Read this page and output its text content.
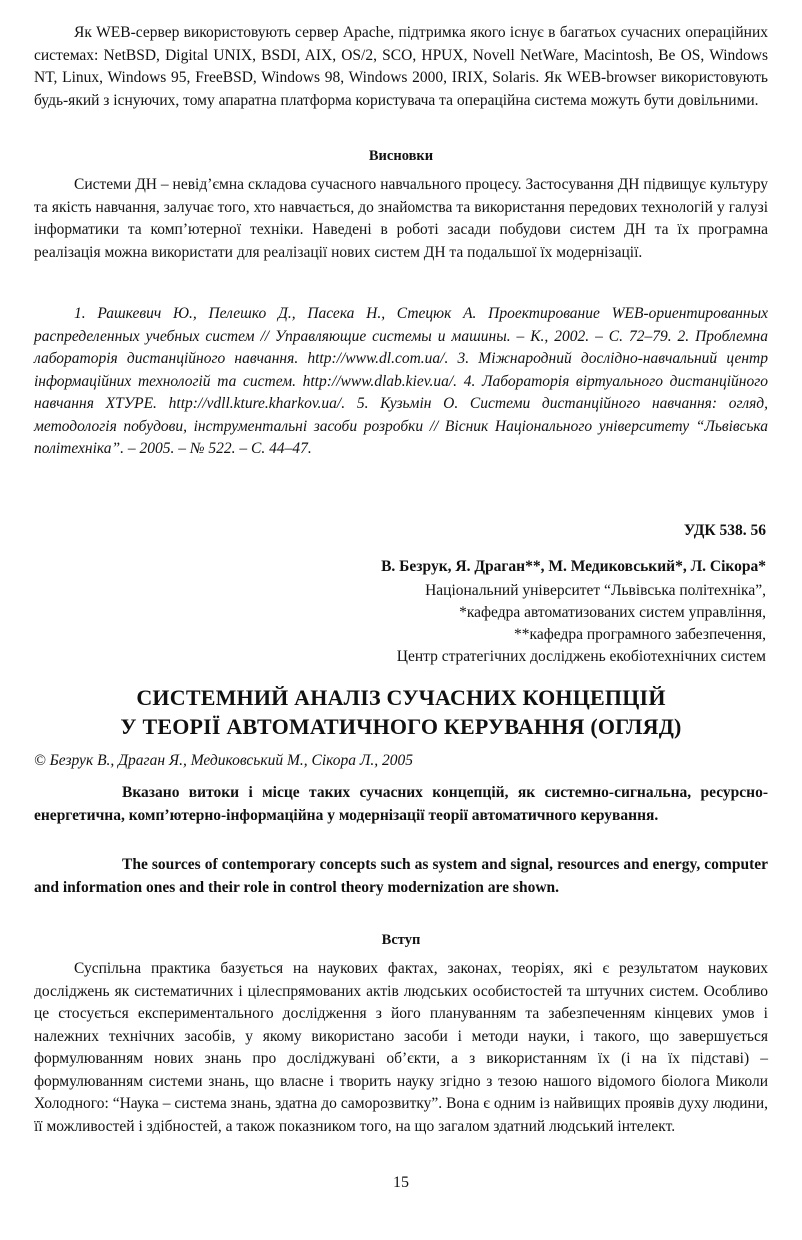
Як WEB-сервер використовують сервер Apache, підтримка якого існує в багатьох сучасних операційних системах: NetBSD, Digital UNIX, BSDI, AIX, OS/2, SCO, HPUX, Novell NetWare, Macintosh, Be OS, Windows NT, Linux, Windows 95, FreeBSD, Windows 98, Windows 2000, IRIX, Solaris. Як WEB-browser використовують будь-який з існуючих, тому апаратна платформа користувача та операційна система можуть бути довільними.

Висновки

Системи ДН – невід’ємна складова сучасного навчального процесу. Застосування ДН підвищує культуру та якість навчання, залучає того, хто навчається, до знайомства та використання передових технологій у галузі інформатики та комп’ютерної техніки. Наведені в роботі засади побудови систем ДН та їх програмна реалізація можна використати для реалізації нових систем ДН та подальшої їх модернізації.

1. Рашкевич Ю., Пелешко Д., Пасека Н., Стецюк А. Проектирование WEB-ориентированных распределенных учебных систем // Управляющие системы и машины. – К., 2002. – С. 72–79. 2. Проблемна лабораторія дистанційного навчання. http://www.dl.com.ua/. 3. Міжнародний дослідно-навчальний центр інформаційних технологій та систем. http://www.dlab.kiev.ua/. 4. Лабораторія віртуального дистанційного навчання ХТУРЕ. http://vdll.kture.kharkov.ua/. 5. Кузьмін О. Системи дистанційного навчання: огляд, методологія побудови, інструментальні засоби розробки // Вісник Національного університету “Львівська політехніка”. – 2005. – № 522. – С. 44–47.

УДК 538. 56

В. Безрук, Я. Драган**, М. Медиковський*, Л. Сікора*

Національний університет “Львівська політехніка”,
*кафедра автоматизованих систем управління,
**кафедра програмного забезпечення,
Центр стратегічних досліджень екобіотехнічних систем
СИСТЕМНИЙ АНАЛІЗ СУЧАСНИХ КОНЦЕПЦІЙ
У ТЕОРІЇ АВТОМАТИЧНОГО КЕРУВАННЯ (ОГЛЯД)

© Безрук В., Драган Я., Медиковський М., Сікора Л., 2005

Вказано витоки і місце таких сучасних концепцій, як системно-сигнальна, ресурсно-енергетична, комп’ютерно-інформаційна у модернізації теорії автоматичного керування.

The sources of contemporary concepts such as system and signal, resources and energy, computer and information ones and their role in control theory modernization are shown.

Вступ

Суспільна практика базується на наукових фактах, законах, теоріях, які є результатом наукових досліджень як систематичних і цілеспрямованих актів людських особистостей та штучних систем. Особливо це стосується експериментального дослідження з його плануванням та забезпеченням кінцевих умов і належних технічних засобів, у якому використано засоби і методи науки, і такого, що завершується формулюванням нових знань про досліджувані об’єкти, а з використанням їх (і на їх підставі) – формулюванням системи знань, що власне і творить науку згідно з тезою нашого відомого біолога Миколи Холодного: “Наука – система знань, здатна до саморозвитку”. Вона є одним із найвищих проявів духу людини, її можливостей і здібностей, а також показником того, на що загалом здатний людський інтелект.

15
